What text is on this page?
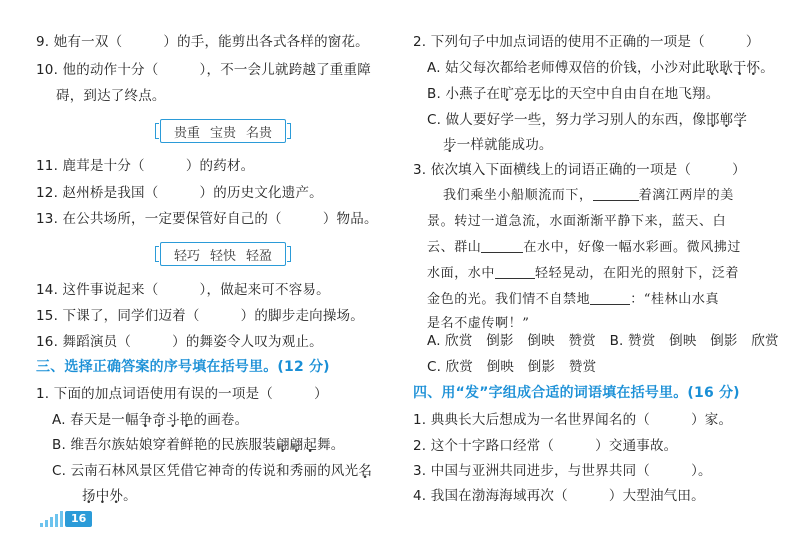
9. 她有一双（　　　）的手，能剪出各式各样的窗花。
10. 他的动作十分（　　　），不一会儿就跨越了重重障
碍，到达了终点。
贵重 宝贵 名贵
11. 鹿茸是十分（　　　）的药材。
12. 赵州桥是我国（　　　）的历史文化遗产。
13. 在公共场所，一定要保管好自己的（　　　）物品。
轻巧 轻快 轻盈
14. 这件事说起来（　　　），做起来可不容易。
15. 下课了，同学们迈着（　　　）的脚步走向操场。
16. 舞蹈演员（　　　）的舞姿令人叹为观止。
三、选择正确答案的序号填在括号里。(12 分)
1. 下面的加点词语使用有误的一项是（　　　）
A. 春天是一幅争奇斗艳的画卷。
B. 维吾尔族姑娘穿着鲜艳的民族服装翩翩起舞。
C. 云南石林风景区凭借它神奇的传说和秀丽的风光名
扬中外。
16
2. 下列句子中加点词语的使用不正确的一项是（　　　）
A. 姑父每次都给老师傅双倍的价钱，小沙对此耿耿于怀。
B. 小燕子在旷亮无比的天空中自由自在地飞翔。
C. 做人要好学一些，努力学习别人的东西，像邯郸学
步一样就能成功。
3. 依次填入下面横线上的词语正确的一项是（　　　）
我们乘坐小船顺流而下，	着漓江两岸的美
景。转过一道急流，水面渐渐平静下来，蓝天、白
云、群山	在水中，好像一幅水彩画。微风拂过
水面，水中	轻轻晃动，在阳光的照射下，泛着
金色的光。我们情不自禁地	：“桂林山水真
是名不虚传啊！”
A. 欣赏　倒影　倒映　赞赏　B. 赞赏　倒映　倒影　欣赏
C. 欣赏　倒映　倒影　赞赏
四、用“发”字组成合适的词语填在括号里。(16 分)
1. 典典长大后想成为一名世界闻名的（　　　）家。
2. 这个十字路口经常（　　　）交通事故。
3. 中国与亚洲共同进步，与世界共同（　　　）。
4. 我国在渤海海域再次（　　　）大型油气田。
